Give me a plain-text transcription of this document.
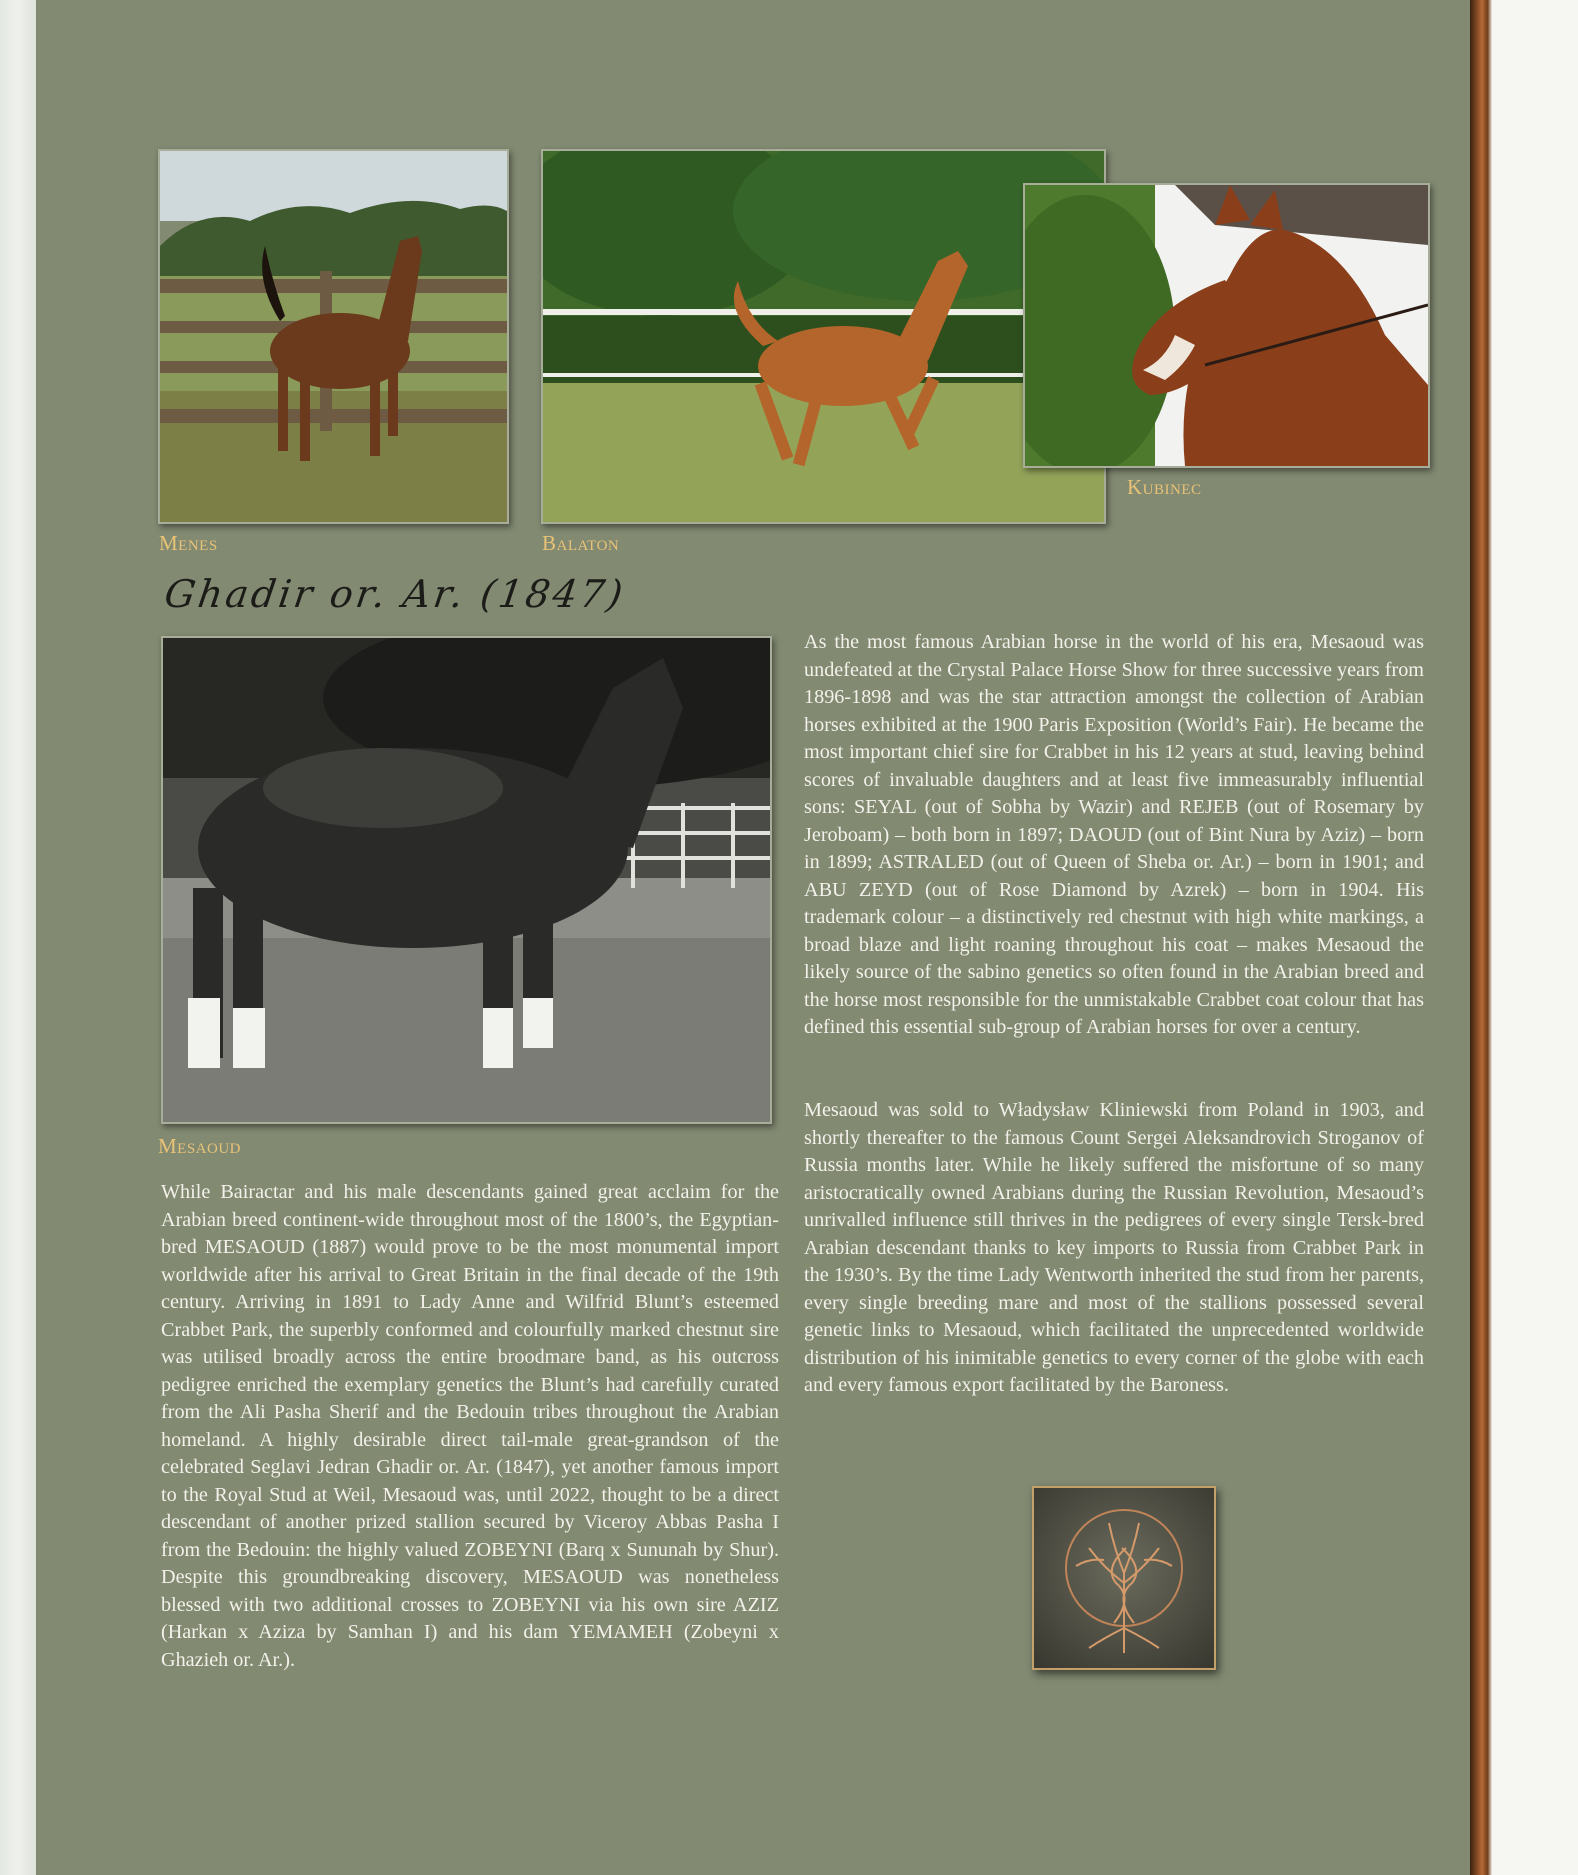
Menes	Balaton
Kubinec
Ghadir or. Ar. (1847)
Mesaoud

While Bairactar and his male descendants gained great acclaim for the Arabian breed continent-wide throughout most of the 1800’s, the Egyptian-bred MESAOUD (1887) would prove to be the most monumental import worldwide after his arrival to Great Britain in the final decade of the 19th century. Arriving in 1891 to Lady Anne and Wilfrid Blunt’s esteemed Crabbet Park, the superbly conformed and colourfully marked chestnut sire was utilised broadly across the entire broodmare band, as his outcross pedigree enriched the exemplary genetics the Blunt’s had carefully curated from the Ali Pasha Sherif and the Bedouin tribes throughout the Arabian homeland. A highly desirable direct tail-male great-grandson of the celebrated Seglavi Jedran Ghadir or. Ar. (1847), yet another famous import to the Royal Stud at Weil, Mesaoud was, until 2022, thought to be a direct descendant of another prized stallion secured by Viceroy Abbas Pasha I from the Bedouin: the highly valued ZOBEYNI (Barq x Sununah by Shur). Despite this groundbreaking discovery, MESAOUD was nonetheless blessed with two additional crosses to ZOBEYNI via his own sire AZIZ (Harkan x Aziza by Samhan I) and his dam YEMAMEH (Zobeyni x Ghazieh or. Ar.).

As the most famous Arabian horse in the world of his era, Mesaoud was undefeated at the Crystal Palace Horse Show for three successive years from 1896-1898 and was the star attraction amongst the collection of Arabian horses exhibited at the 1900 Paris Exposition (World’s Fair). He became the most important chief sire for Crabbet in his 12 years at stud, leaving behind scores of invaluable daughters and at least five immeasurably influential sons: SEYAL (out of Sobha by Wazir) and REJEB (out of Rosemary by Jeroboam) – both born in 1897; DAOUD (out of Bint Nura by Aziz) – born in 1899; ASTRALED (out of Queen of Sheba or. Ar.) – born in 1901; and ABU ZEYD (out of Rose Diamond by Azrek) – born in 1904. His trademark colour – a distinctively red chestnut with high white markings, a broad blaze and light roaning throughout his coat – makes Mesaoud the likely source of the sabino genetics so often found in the Arabian breed and the horse most responsible for the unmistakable Crabbet coat colour that has defined this essential sub-group of Arabian horses for over a century.

Mesaoud was sold to Władysław Kliniewski from Poland in 1903, and shortly thereafter to the famous Count Sergei Aleksandrovich Stroganov of Russia months later. While he likely suffered the misfortune of so many aristocratically owned Arabians during the Russian Revolution, Mesaoud’s unrivalled influence still thrives in the pedigrees of every single Tersk-bred Arabian descendant thanks to key imports to Russia from Crabbet Park in the 1930’s. By the time Lady Wentworth inherited the stud from her parents, every single breeding mare and most of the stallions possessed several genetic links to Mesaoud, which facilitated the unprecedented worldwide distribution of his inimitable genetics to every corner of the globe with each and every famous export facilitated by the Baroness.
